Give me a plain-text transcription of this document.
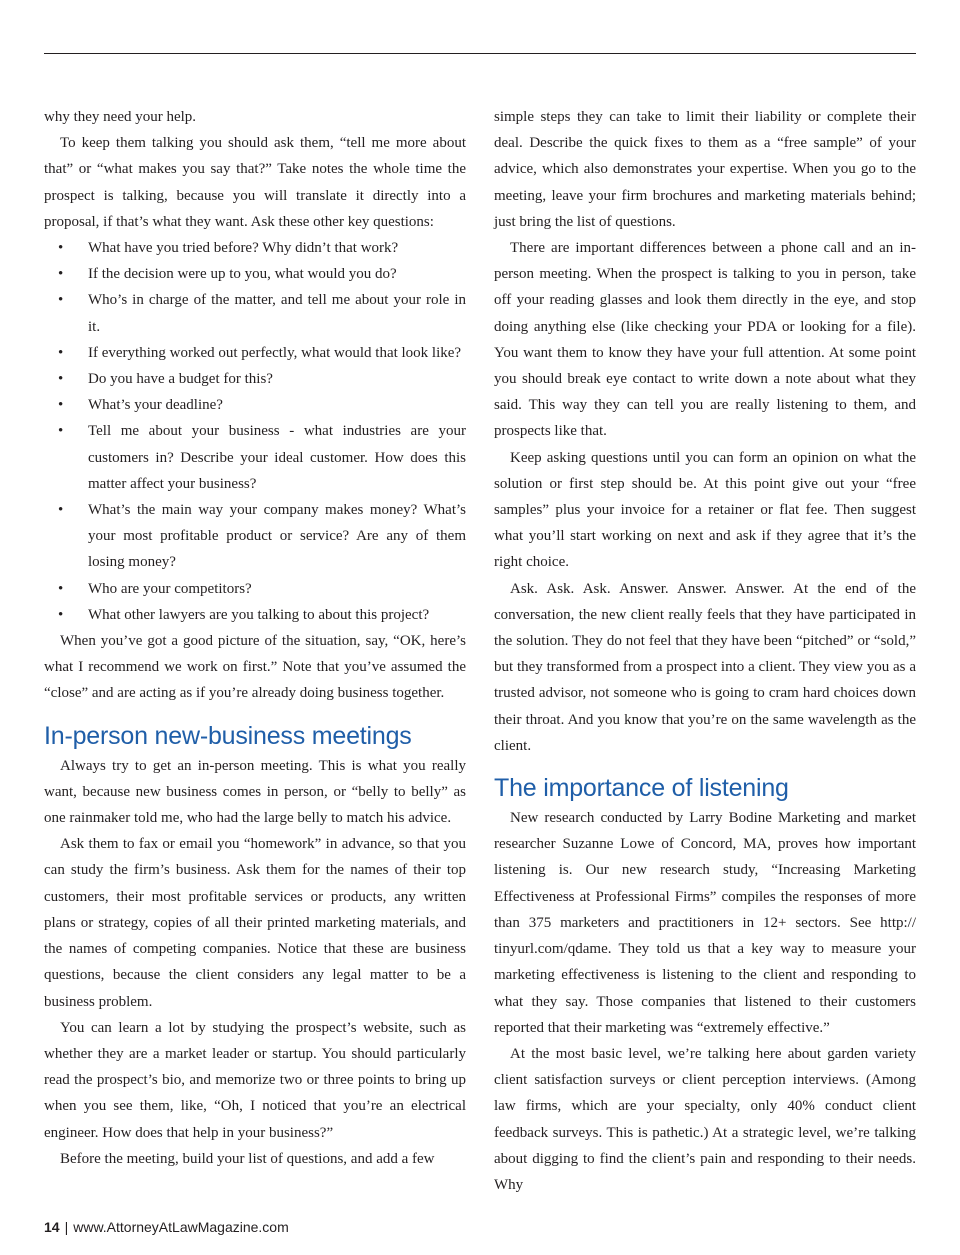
why they need your help.

To keep them talking you should ask them, “tell me more about that” or “what makes you say that?” Take notes the whole time the prospect is talking, because you will translate it directly into a proposal, if that’s what they want. Ask these other key questions:

• What have you tried before? Why didn’t that work?
• If the decision were up to you, what would you do?
• Who’s in charge of the matter, and tell me about your role in it.
• If everything worked out perfectly, what would that look like?
• Do you have a budget for this?
• What’s your deadline?
• Tell me about your business - what industries are your customers in? Describe your ideal customer. How does this matter affect your business?
• What’s the main way your company makes money? What’s your most profitable product or service? Are any of them losing money?
• Who are your competitors?
• What other lawyers are you talking to about this project?

When you’ve got a good picture of the situation, say, “OK, here’s what I recommend we work on first.” Note that you’ve assumed the “close” and are acting as if you’re already doing business together.

In-person new-business meetings

Always try to get an in-person meeting. This is what you really want, because new business comes in person, or “belly to belly” as one rainmaker told me, who had the large belly to match his advice.

Ask them to fax or email you “homework” in advance, so that you can study the firm’s business. Ask them for the names of their top customers, their most profitable services or products, any written plans or strategy, copies of all their printed marketing materials, and the names of competing companies. Notice that these are business questions, because the client considers any legal matter to be a business problem.

You can learn a lot by studying the prospect’s website, such as whether they are a market leader or startup. You should particularly read the prospect’s bio, and memorize two or three points to bring up when you see them, like, “Oh, I noticed that you’re an electrical engineer. How does that help in your business?”

Before the meeting, build your list of questions, and add a few

simple steps they can take to limit their liability or complete their deal. Describe the quick fixes to them as a “free sample” of your advice, which also demonstrates your expertise. When you go to the meeting, leave your firm brochures and marketing materials behind; just bring the list of questions.

There are important differences between a phone call and an in-person meeting. When the prospect is talking to you in person, take off your reading glasses and look them directly in the eye, and stop doing anything else (like checking your PDA or looking for a file). You want them to know they have your full attention. At some point you should break eye contact to write down a note about what they said. This way they can tell you are really listening to them, and prospects like that.

Keep asking questions until you can form an opinion on what the solution or first step should be. At this point give out your “free samples” plus your invoice for a retainer or flat fee. Then suggest what you’ll start working on next and ask if they agree that it’s the right choice.

Ask. Ask. Ask. Answer. Answer. Answer. At the end of the conversation, the new client really feels that they have participated in the solution. They do not feel that they have been “pitched” or “sold,” but they transformed from a prospect into a client. They view you as a trusted advisor, not someone who is going to cram hard choices down their throat. And you know that you’re on the same wavelength as the client.

The importance of listening

New research conducted by Larry Bodine Marketing and market researcher Suzanne Lowe of Concord, MA, proves how important listening is. Our new research study, “Increasing Marketing Effectiveness at Professional Firms” compiles the responses of more than 375 marketers and practitioners in 12+ sectors. See http:// tinyurl.com/qdame. They told us that a key way to measure your marketing effectiveness is listening to the client and responding to what they say. Those companies that listened to their customers reported that their marketing was “extremely effective.”

At the most basic level, we’re talking here about garden variety client satisfaction surveys or client perception interviews. (Among law firms, which are your specialty, only 40% conduct client feedback surveys. This is pathetic.) At a strategic level, we’re talking about digging to find the client’s pain and responding to their needs. Why

14 | www.AttorneyAtLawMagazine.com
